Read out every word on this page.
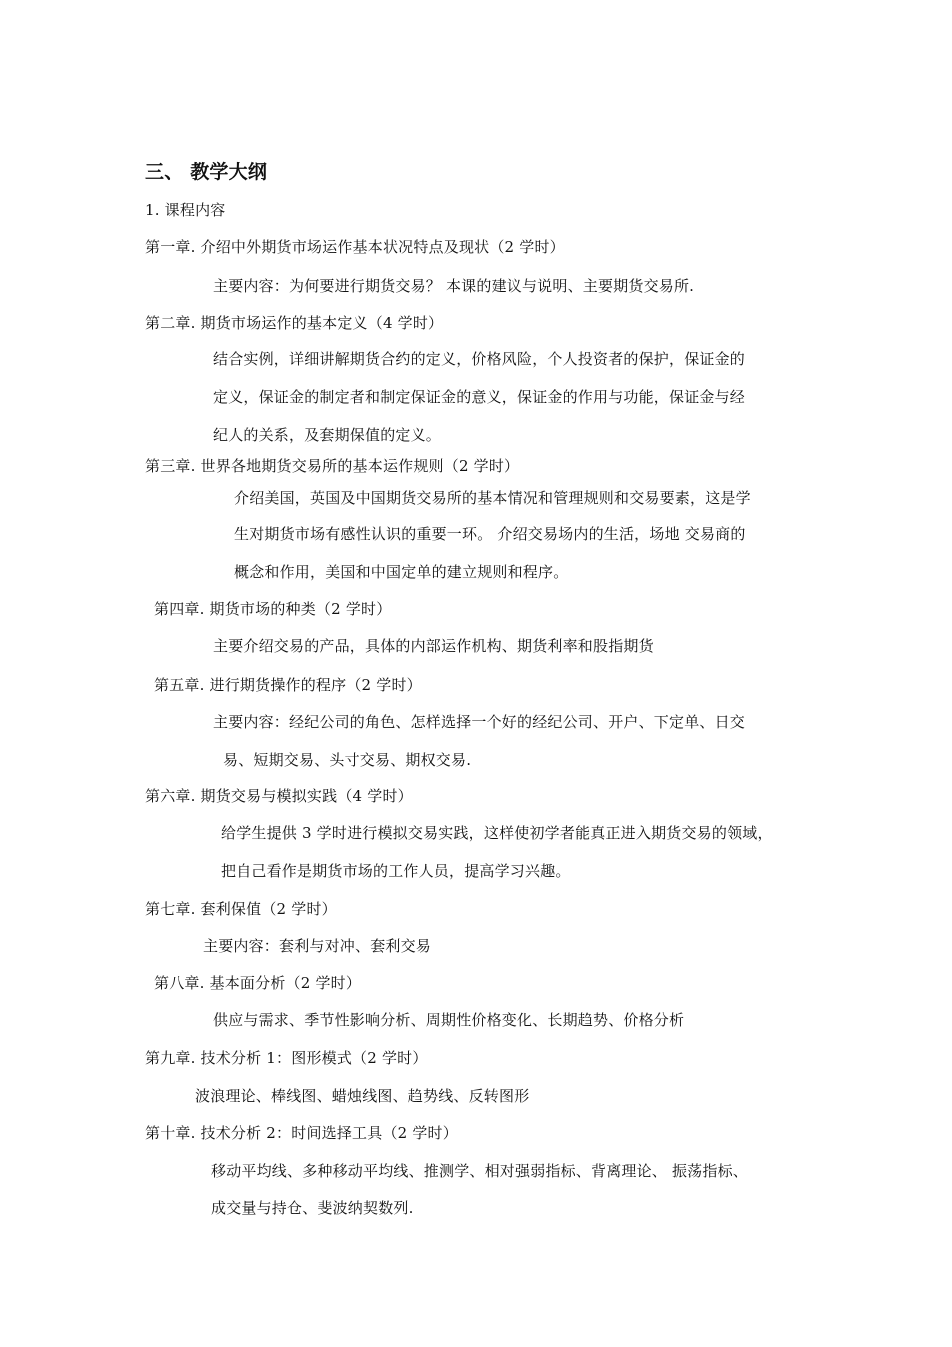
三、 教学大纲
1. 课程内容
第一章. 介绍中外期货市场运作基本状况特点及现状（2 学时）
主要内容：为何要进行期货交易？ 本课的建议与说明、主要期货交易所.
第二章. 期货市场运作的基本定义（4 学时）
结合实例，详细讲解期货合约的定义，价格风险，个人投资者的保护，保证金的
定义，保证金的制定者和制定保证金的意义，保证金的作用与功能，保证金与经
纪人的关系，及套期保值的定义。
第三章. 世界各地期货交易所的基本运作规则（2 学时）
介绍美国，英国及中国期货交易所的基本情况和管理规则和交易要素，这是学
生对期货市场有感性认识的重要一环。 介绍交易场内的生活，场地 交易商的
概念和作用，美国和中国定单的建立规则和程序。
第四章. 期货市场的种类（2 学时）
主要介绍交易的产品，具体的内部运作机构、期货利率和股指期货
第五章. 进行期货操作的程序（2 学时）
主要内容：经纪公司的角色、怎样选择一个好的经纪公司、开户、下定单、日交
易、短期交易、头寸交易、期权交易.
第六章. 期货交易与模拟实践（4 学时）
给学生提供 3 学时进行模拟交易实践，这样使初学者能真正进入期货交易的领域，
把自己看作是期货市场的工作人员，提高学习兴趣。
第七章. 套利保值（2 学时）
主要内容：套利与对冲、套利交易
第八章. 基本面分析（2 学时）
供应与需求、季节性影响分析、周期性价格变化、长期趋势、价格分析
第九章. 技术分析 1：图形模式（2 学时）
波浪理论、棒线图、蜡烛线图、趋势线、反转图形
第十章. 技术分析 2：时间选择工具（2 学时）
移动平均线、多种移动平均线、推测学、相对强弱指标、背离理论、 振荡指标、
成交量与持仓、斐波纳契数列.
